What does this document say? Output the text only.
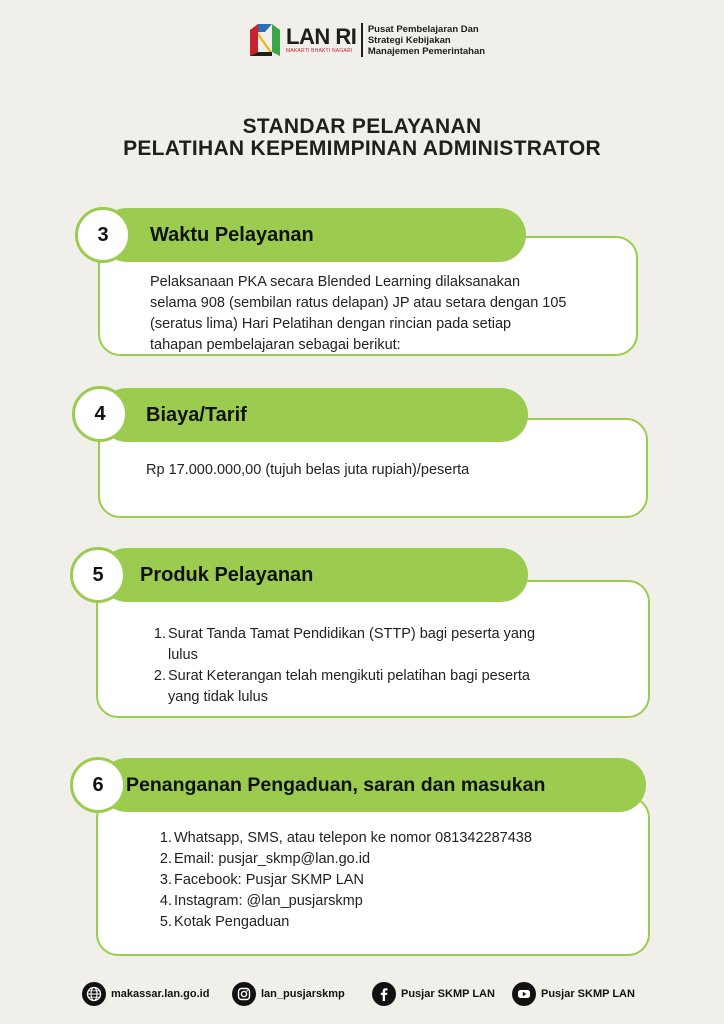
LAN RI
MAKARTI BHAKTI NAGARI
Pusat Pembelajaran Dan
Strategi Kebijakan
Manajemen Pemerintahan
STANDAR PELAYANAN
PELATIHAN KEPEMIMPINAN ADMINISTRATOR
Pelaksanaan PKA secara Blended Learning dilaksanakan
selama 908 (sembilan ratus delapan) JP atau setara dengan 105
(seratus lima) Hari Pelatihan dengan rincian pada setiap
tahapan pembelajaran sebagai berikut:
Waktu Pelayanan
3
Rp 17.000.000,00 (tujuh belas juta rupiah)/peserta
Biaya/Tarif
4
1. Surat Tanda Tamat Pendidikan (STTP) bagi peserta yang
lulus
2. Surat Keterangan telah mengikuti pelatihan bagi peserta
yang tidak lulus
Produk Pelayanan
5
1. Whatsapp, SMS, atau telepon ke nomor 081342287438
2. Email: pusjar_skmp@lan.go.id
3. Facebook: Pusjar SKMP LAN
4. Instagram: @lan_pusjarskmp
5. Kotak Pengaduan
Penanganan Pengaduan, saran dan masukan
6
makassar.lan.go.id	lan_pusjarskmp	Pusjar SKMP LAN	Pusjar SKMP LAN
